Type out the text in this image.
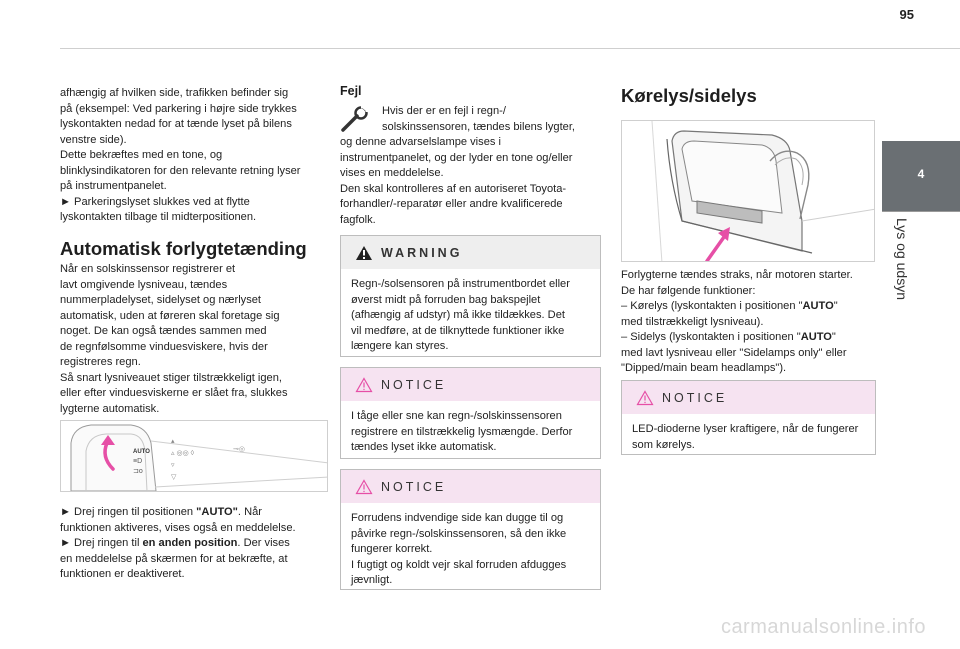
95
4
Lys og udsyn

afhængig af hvilken side, trafikken befinder sig

på (eksempel: Ved parkering i højre side trykkes

lyskontakten nedad for at tænde lyset på bilens

venstre side).

Dette bekræftes med en tone, og

blinklysindikatoren for den relevante retning lyser

på instrumentpanelet.

► Parkeringslyset slukkes ved at flytte

lyskontakten tilbage til midterpositionen.

Automatisk forlygtetænding

Når en solskinssensor registrerer et

lavt omgivende lysniveau, tændes

nummerpladelyset, sidelyset og nærlyset

automatisk, uden at føreren skal foretage sig

noget. De kan også tændes sammen med

de regnfølsomme vinduesviskere, hvis der

registreres regn.

Så snart lysniveauet stiger tilstrækkeligt igen,

eller efter vinduesviskerne er slået fra, slukkes

lygterne automatisk.

AUTO
≡D
⊐o
▴
▵ ◎◎ ◊
▿
▽
⊸◎

► Drej ringen til positionen "AUTO". Når

funktionen aktiveres, vises også en meddelelse.

► Drej ringen til en anden position. Der vises

en meddelelse på skærmen for at bekræfte, at

funktionen er deaktiveret.

Fejl

Hvis der er en fejl i regn-/

solskinssensoren, tændes bilens lygter,

og denne advarselslampe vises i

instrumentpanelet, og der lyder en tone og/eller

vises en meddelelse.

Den skal kontrolleres af en autoriseret Toyota-

forhandler/-reparatør eller andre kvalificerede

fagfolk.

WARNING

Regn-/solsensoren på instrumentbordet eller

øverst midt på forruden bag bakspejlet

(afhængig af udstyr) må ikke tildækkes. Det

vil medføre, at de tilknyttede funktioner ikke

længere kan styres.

NOTICE

I tåge eller sne kan regn-/solskinssensoren

registrere en tilstrækkelig lysmængde. Derfor

tændes lyset ikke automatisk.

NOTICE

Forrudens indvendige side kan dugge til og

påvirke regn-/solskinssensoren, så den ikke

fungerer korrekt.

I fugtigt og koldt vejr skal forruden afdugges

jævnligt.

Kørelys/sidelys

Forlygterne tændes straks, når motoren starter.

De har følgende funktioner:

– Kørelys (lyskontakten i positionen "AUTO"

med tilstrækkeligt lysniveau).

– Sidelys (lyskontakten i positionen "AUTO"

med lavt lysniveau eller "Sidelamps only" eller

"Dipped/main beam headlamps").

NOTICE

LED-dioderne lyser kraftigere, når de fungerer

som kørelys.

carmanualsonline.info
